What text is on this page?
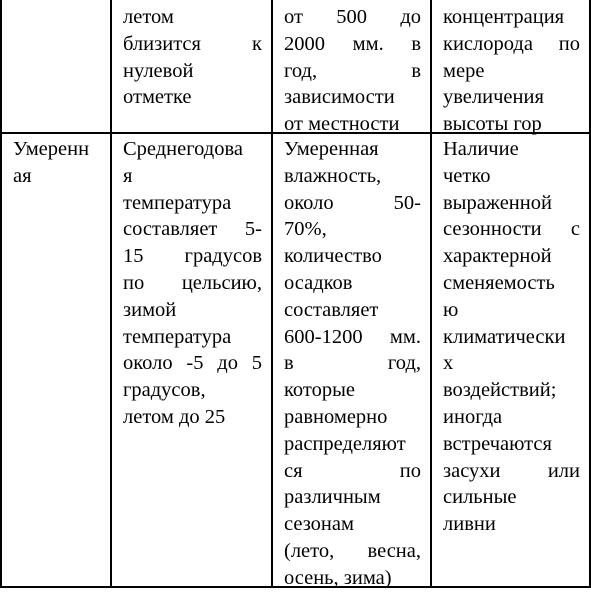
летом
близится к
нулевой
отметке
от 500 до
2000 мм. в
год, в
зависимости
от местности
концентрация
кислорода по
мере
увеличения
высоты гор
Умеренн
ая
Среднегодова
я
температура
составляет 5-
15 градусов
по цельсию,
зимой
температура
около -5 до 5
градусов,
летом до 25
Умеренная
влажность,
около 50-
70%,
количество
осадков
составляет
600-1200 мм.
в год,
которые
равномерно
распределяют
ся по
различным
сезонам
(лето, весна,
осень, зима)
Наличие
четко
выраженной
сезонности с
характерной
сменяемость
ю
климатически
х
воздействий;
иногда
встречаются
засухи или
сильные
ливни
